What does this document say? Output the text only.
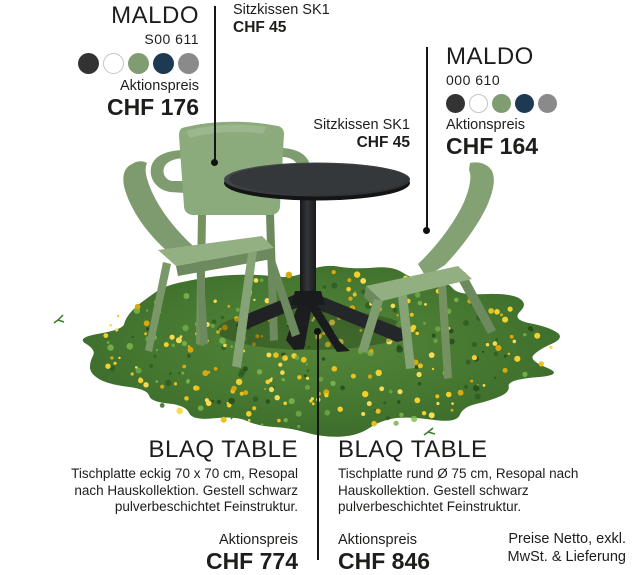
MALDO
S00 611
Aktionspreis
CHF 176
Sitzkissen SK1
CHF 45
MALDO
000 610
Aktionspreis
CHF 164
Sitzkissen SK1
CHF 45
BLAQ TABLE
Tischplatte eckig 70 x 70 cm, Resopal
nach Hauskollektion. Gestell schwarz
pulverbeschichtet Feinstruktur.
Aktionspreis
CHF 774
BLAQ TABLE
Tischplatte rund Ø 75 cm, Resopal nach
Hauskollektion. Gestell schwarz
pulverbeschichtet Feinstruktur.
Aktionspreis
CHF 846
Preise Netto, exkl.
MwSt. & Lieferung
